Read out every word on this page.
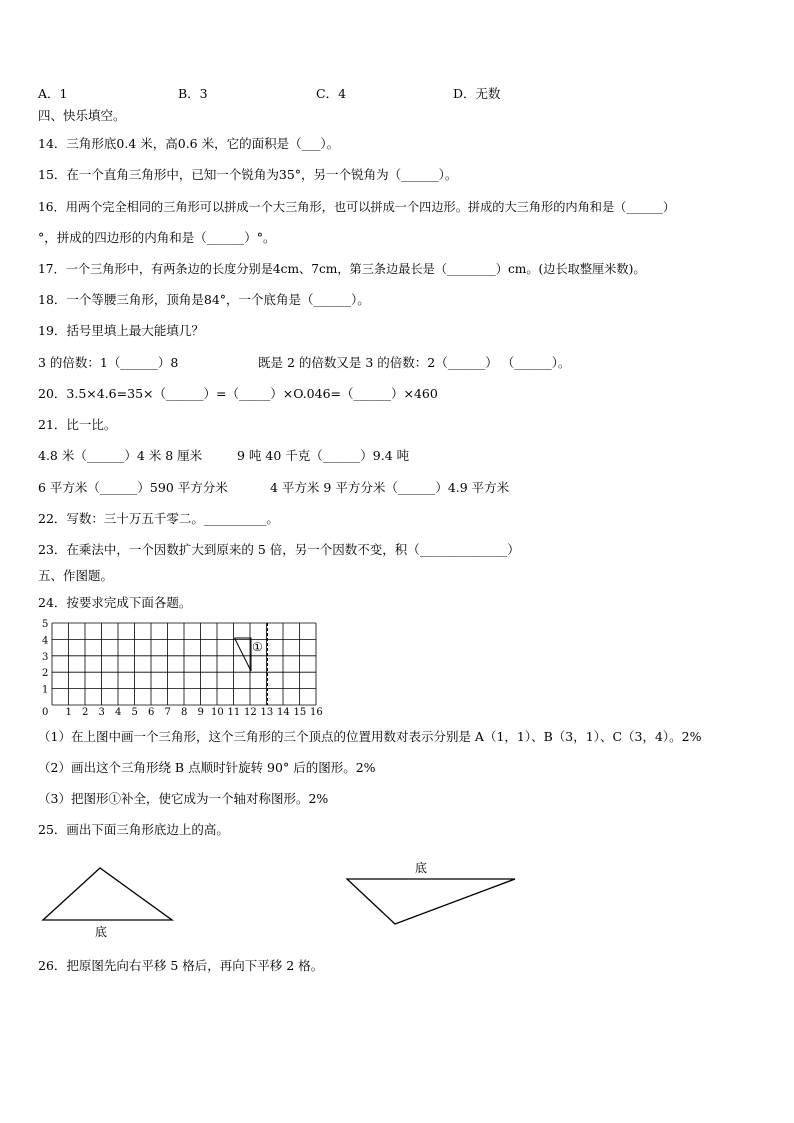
A．1	B．3	C．4	D．无数
四、快乐填空。
14．三角形底0.4 米，高0.6 米，它的面积是（___）。
15．在一个直角三角形中，已知一个锐角为35°，另一个锐角为（______）。
16．用两个完全相同的三角形可以拼成一个大三角形，也可以拼成一个四边形。拼成的大三角形的内角和是（______）
°，拼成的四边形的内角和是（______）°。
17．一个三角形中，有两条边的长度分别是4cm、7cm，第三条边最长是（________）cm。(边长取整厘米数)。
18．一个等腰三角形，顶角是84°，一个底角是（______）。
19．括号里填上最大能填几？
3 的倍数：1（______）8	既是 2 的倍数又是 3 的倍数：2（______） （______）。
20．3.5×4.6=35×（______）=（_____）×O.046=（______）×460
21．比一比。
4.8 米（______）4 米 8 厘米	9 吨 40 千克（______）9.4 吨
6 平方米（______）590 平方分米	4 平方米 9 平方分米（______）4.9 平方米
22．写数：三十万五千零二。__________。
23．在乘法中，一个因数扩大到原来的 5 倍，另一个因数不变，积（______________）
五、作图题。
24．按要求完成下面各题。
5
4
3
2
1
0 1 2 3 4 5 6 7 8 9 10 11 12 13 14 15 16
①
（1）在上图中画一个三角形，这个三角形的三个顶点的位置用数对表示分别是 A（1，1）、B（3，1）、C（3，4）。2%
（2）画出这个三角形绕 B 点顺时针旋转 90° 后的图形。2%
（3）把图形①补全，使它成为一个轴对称图形。2%
25．画出下面三角形底边上的高。
底
底
26．把原图先向右平移 5 格后，再向下平移 2 格。
